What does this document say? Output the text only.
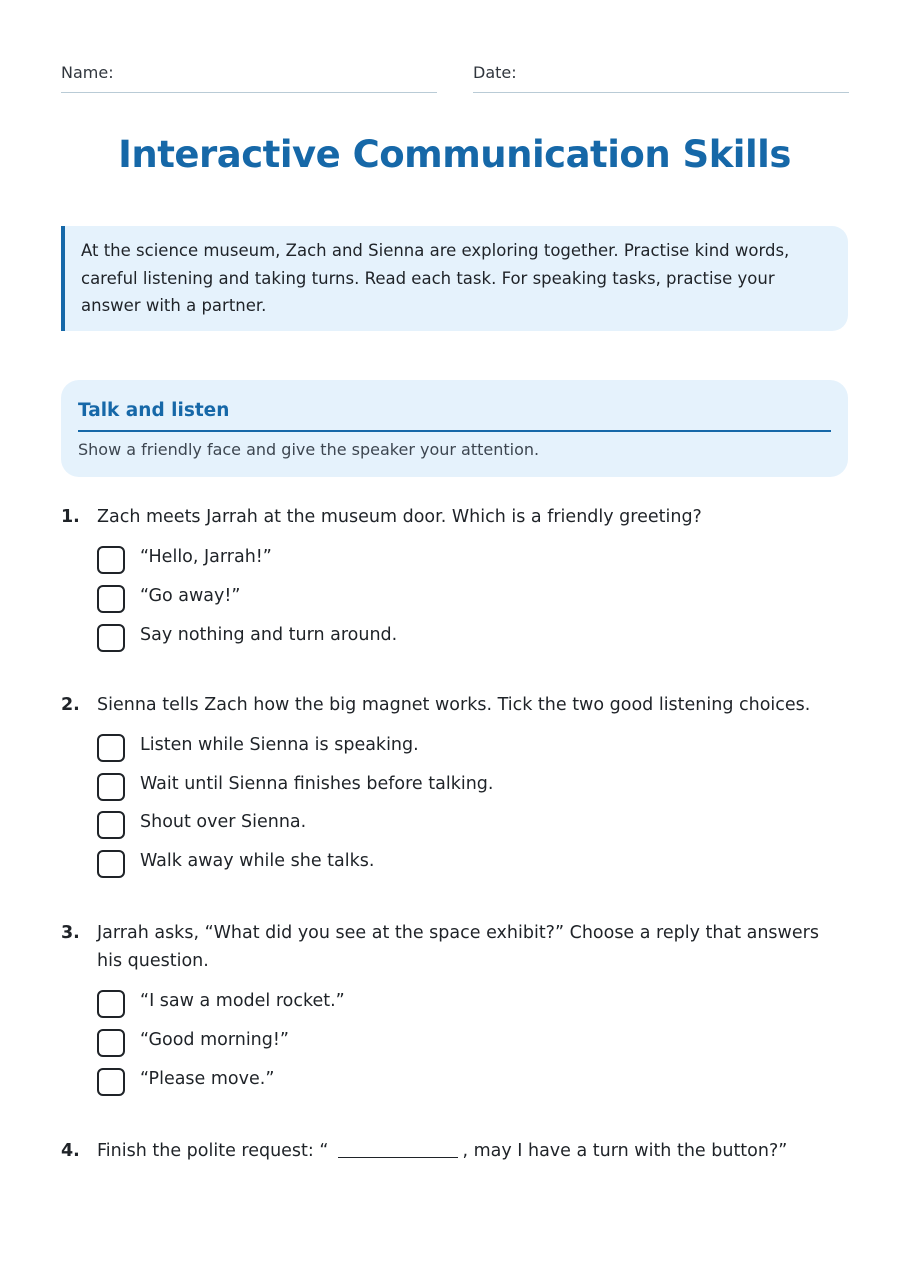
Name:	Date:
Interactive Communication Skills
At the science museum, Zach and Sienna are exploring together. Practise kind words, careful listening and taking turns. Read each task. For speaking tasks, practise your answer with a partner.
Talk and listen
Show a friendly face and give the speaker your attention.
1. Zach meets Jarrah at the museum door. Which is a friendly greeting?
“Hello, Jarrah!”
“Go away!”
Say nothing and turn around.
2. Sienna tells Zach how the big magnet works. Tick the two good listening choices.
Listen while Sienna is speaking.
Wait until Sienna finishes before talking.
Shout over Sienna.
Walk away while she talks.
3. Jarrah asks, “What did you see at the space exhibit?” Choose a reply that answers his question.
“I saw a model rocket.”
“Good morning!”
“Please move.”
4. Finish the polite request: “	, may I have a turn with the button?”
